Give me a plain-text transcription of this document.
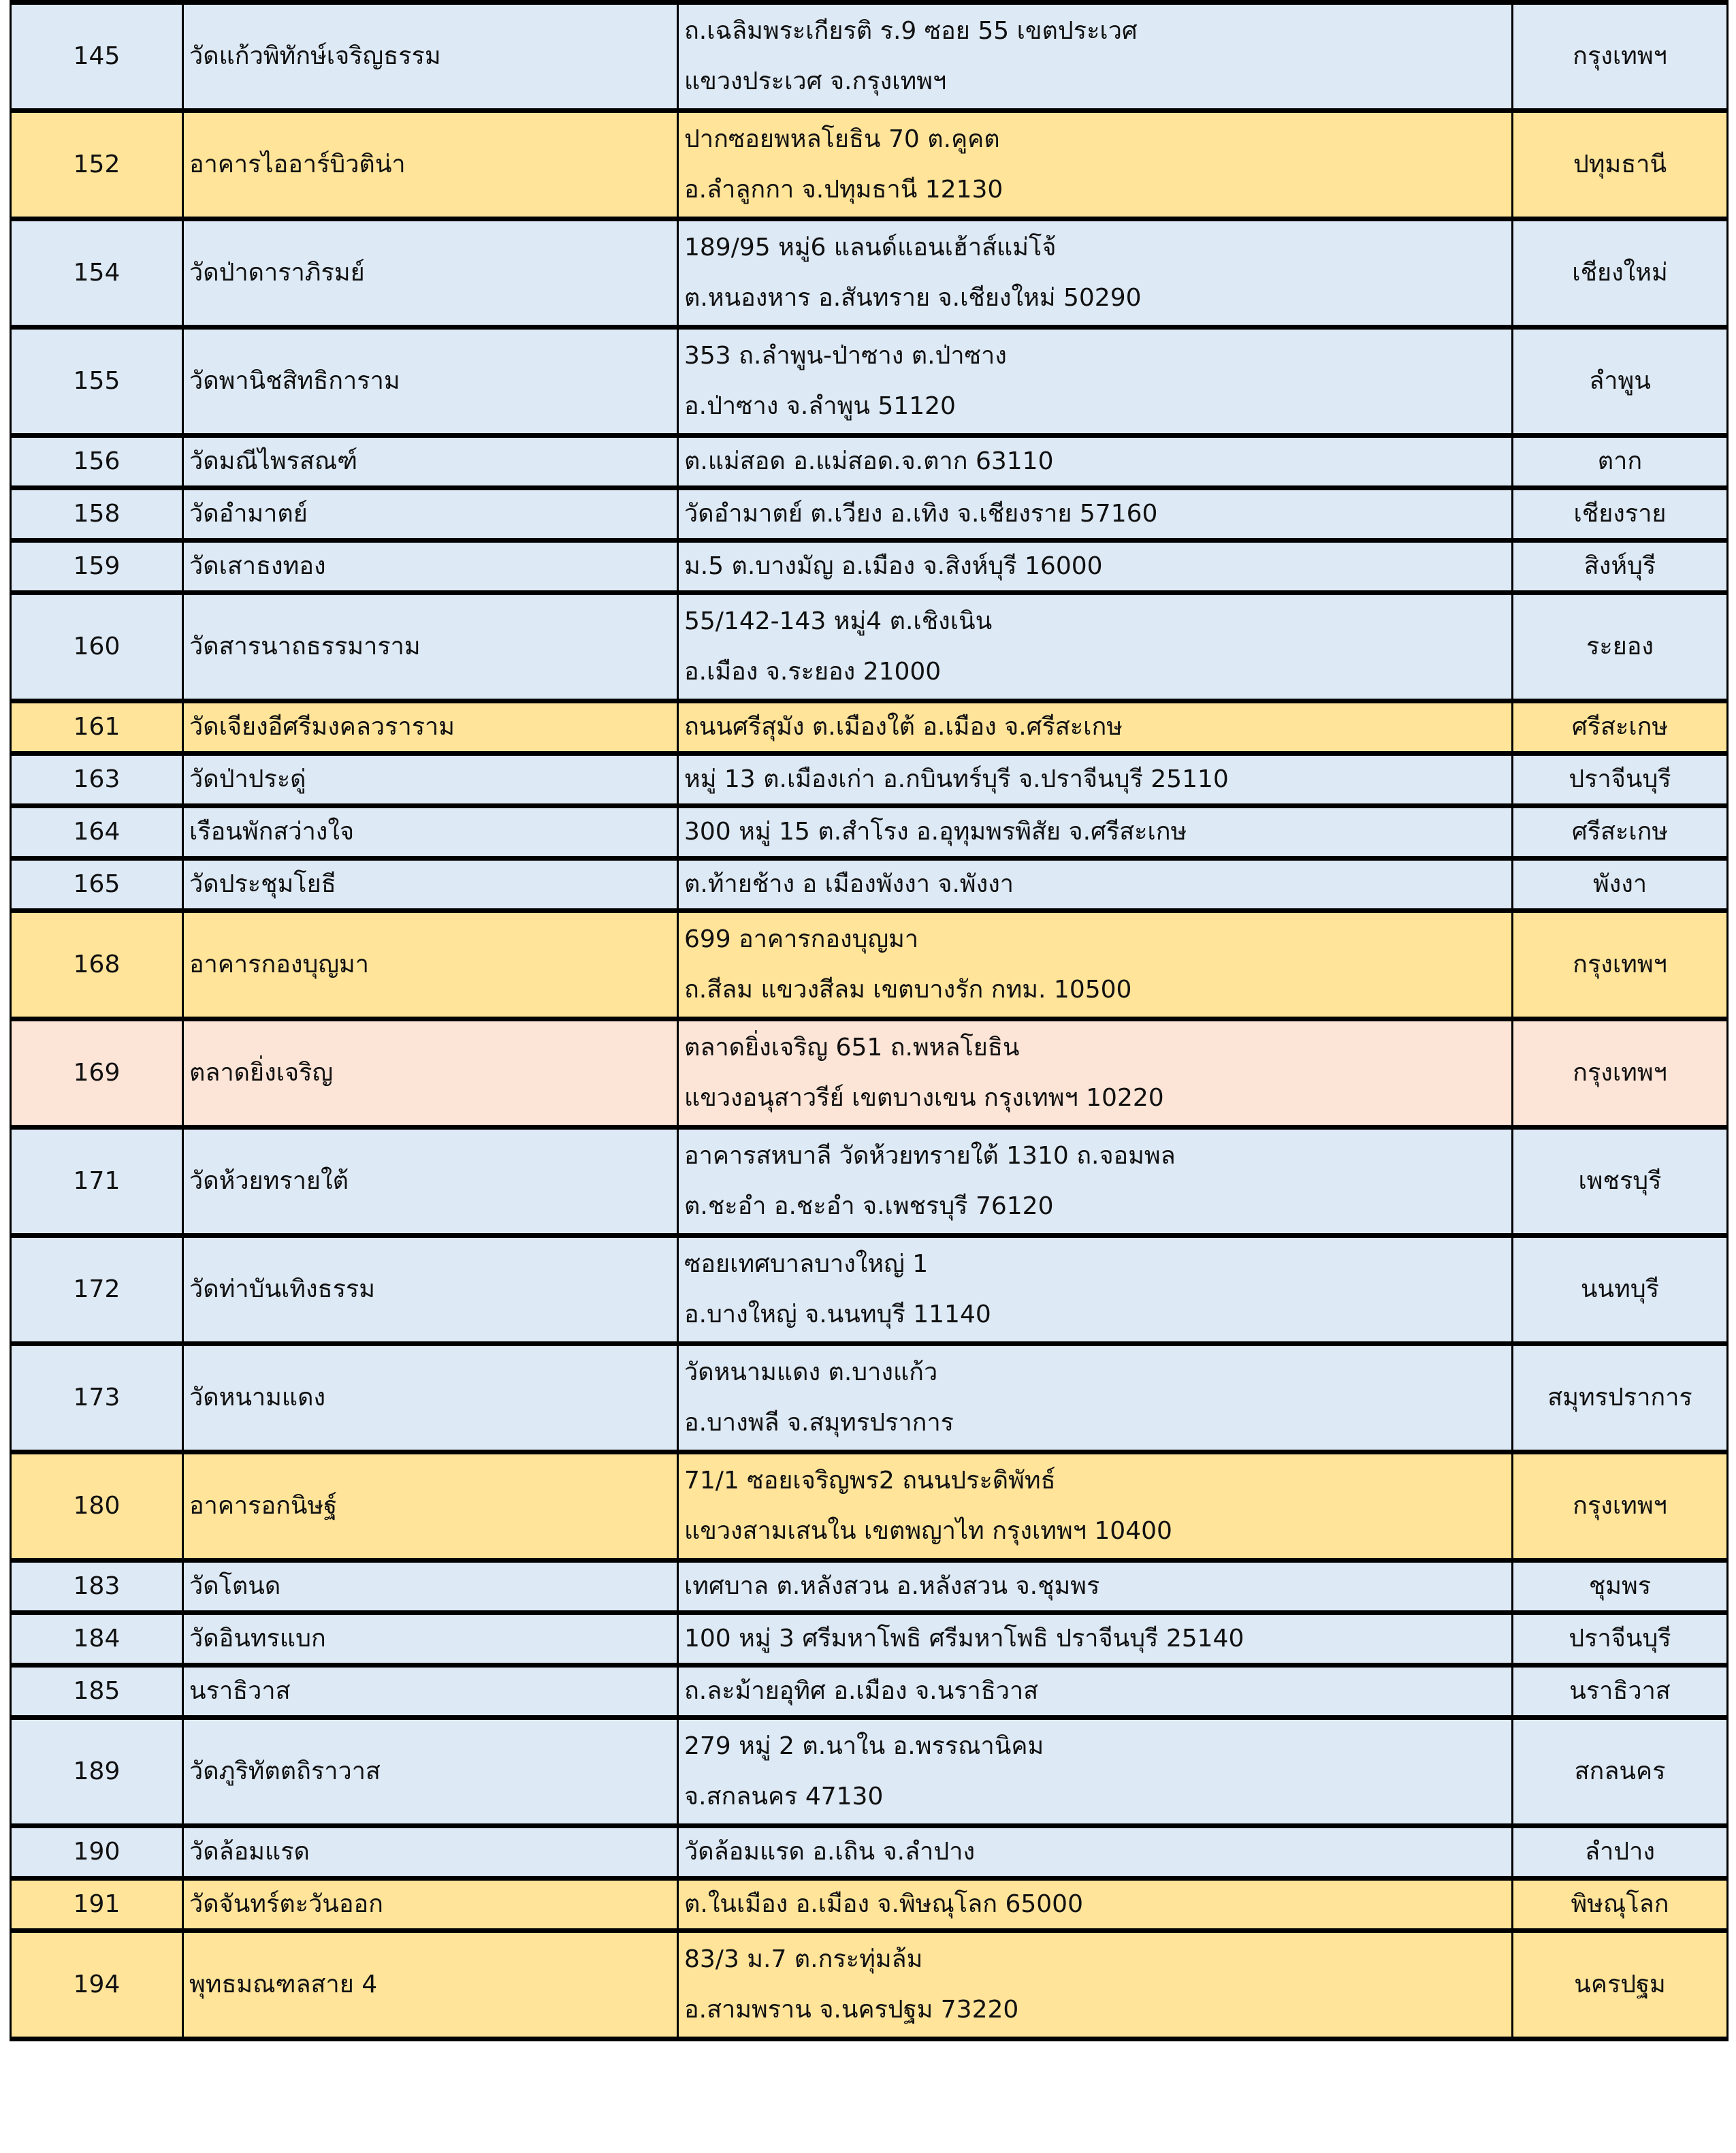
145	วัดแก้วพิทักษ์เจริญธรรม	ถ.เฉลิมพระเกียรติ ร.9 ซอย 55 เขตประเวศ
แขวงประเวศ จ.กรุงเทพฯ	กรุงเทพฯ
152	อาคารไออาร์บิวติน่า	ปากซอยพหลโยธิน 70 ต.คูคต
อ.ลำลูกกา จ.ปทุมธานี 12130	ปทุมธานี
154	วัดป่าดาราภิรมย์	189/95 หมู่6 แลนด์แอนเฮ้าส์แม่โจ้
ต.หนองหาร อ.สันทราย จ.เชียงใหม่ 50290	เชียงใหม่
155	วัดพานิชสิทธิการาม	353 ถ.ลำพูน-ป่าซาง ต.ป่าซาง
อ.ป่าซาง จ.ลำพูน 51120	ลำพูน
156	วัดมณีไพรสณฑ์	ต.แม่สอด อ.แม่สอด.จ.ตาก 63110	ตาก
158	วัดอำมาตย์	วัดอำมาตย์ ต.เวียง อ.เทิง จ.เชียงราย 57160	เชียงราย
159	วัดเสาธงทอง	ม.5 ต.บางมัญ อ.เมือง จ.สิงห์บุรี 16000	สิงห์บุรี
160	วัดสารนาถธรรมาราม	55/142-143 หมู่4 ต.เชิงเนิน
อ.เมือง จ.ระยอง 21000	ระยอง
161	วัดเจียงอีศรีมงคลวราราม	ถนนศรีสุมัง ต.เมืองใต้ อ.เมือง จ.ศรีสะเกษ	ศรีสะเกษ
163	วัดป่าประดู่	หมู่ 13 ต.เมืองเก่า อ.กบินทร์บุรี จ.ปราจีนบุรี 25110	ปราจีนบุรี
164	เรือนพักสว่างใจ	300 หมู่ 15 ต.สำโรง อ.อุทุมพรพิสัย จ.ศรีสะเกษ	ศรีสะเกษ
165	วัดประชุมโยธี	ต.ท้ายช้าง อ เมืองพังงา จ.พังงา	พังงา
168	อาคารกองบุญมา	699 อาคารกองบุญมา
ถ.สีลม แขวงสีลม เขตบางรัก กทม. 10500	กรุงเทพฯ
169	ตลาดยิ่งเจริญ	ตลาดยิ่งเจริญ 651 ถ.พหลโยธิน
แขวงอนุสาวรีย์ เขตบางเขน กรุงเทพฯ 10220	กรุงเทพฯ
171	วัดห้วยทรายใต้	อาคารสหบาลี วัดห้วยทรายใต้ 1310 ถ.จอมพล
ต.ชะอำ อ.ชะอำ จ.เพชรบุรี 76120	เพชรบุรี
172	วัดท่าบันเทิงธรรม	ซอยเทศบาลบางใหญ่ 1
อ.บางใหญ่ จ.นนทบุรี 11140	นนทบุรี
173	วัดหนามแดง	วัดหนามแดง ต.บางแก้ว
อ.บางพลี จ.สมุทรปราการ	สมุทรปราการ
180	อาคารอกนิษฐ์	71/1 ซอยเจริญพร2 ถนนประดิพัทธ์
แขวงสามเสนใน เขตพญาไท กรุงเทพฯ 10400	กรุงเทพฯ
183	วัดโตนด	เทศบาล ต.หลังสวน อ.หลังสวน จ.ชุมพร	ชุมพร
184	วัดอินทรแบก	100 หมู่ 3 ศรีมหาโพธิ ศรีมหาโพธิ ปราจีนบุรี 25140	ปราจีนบุรี
185	นราธิวาส	ถ.ละม้ายอุทิศ อ.เมือง จ.นราธิวาส	นราธิวาส
189	วัดภูริทัตตถิราวาส	279 หมู่ 2 ต.นาใน อ.พรรณานิคม
จ.สกลนคร 47130	สกลนคร
190	วัดล้อมแรด	วัดล้อมแรด อ.เถิน จ.ลำปาง	ลำปาง
191	วัดจันทร์ตะวันออก	ต.ในเมือง อ.เมือง จ.พิษณุโลก 65000	พิษณุโลก
194	พุทธมณฑลสาย 4	83/3 ม.7 ต.กระทุ่มล้ม
อ.สามพราน จ.นครปฐม 73220	นครปฐม
